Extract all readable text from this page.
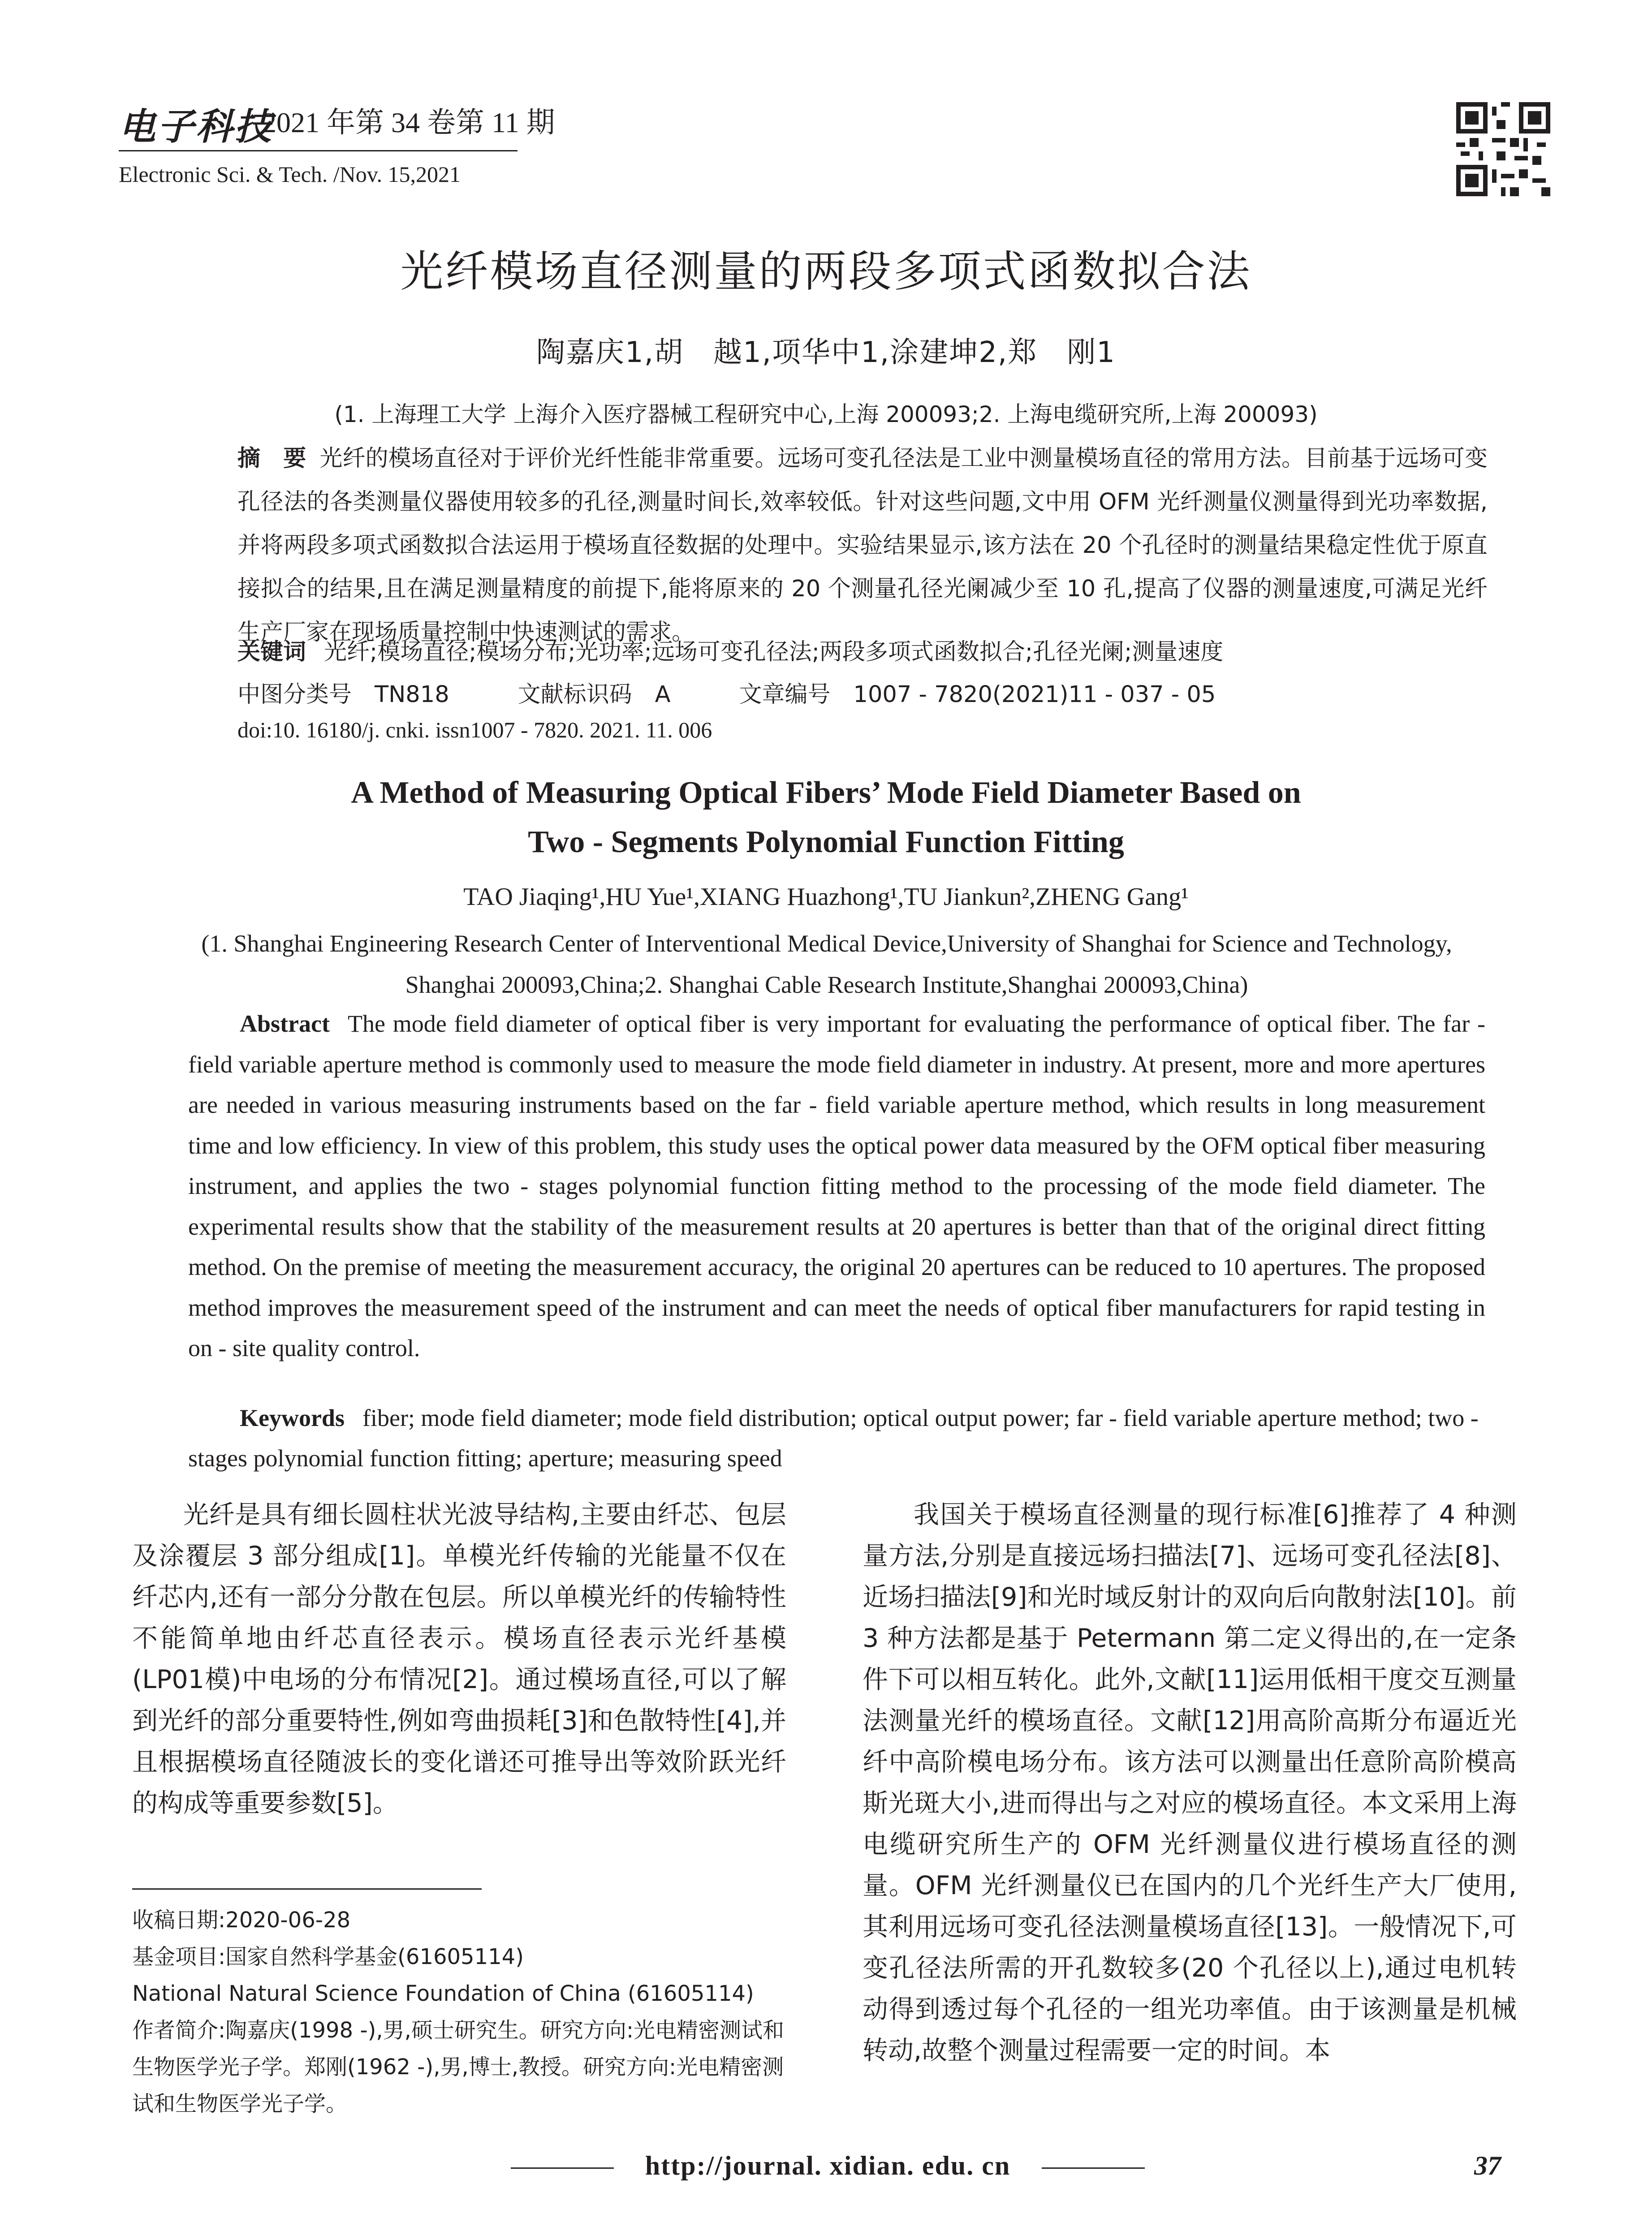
电子科技
2021 年第 34 卷第 11 期
Electronic Sci. & Tech. /Nov. 15,2021
光纤模场直径测量的两段多项式函数拟合法
陶嘉庆1,胡　越1,项华中1,涂建坤2,郑　刚1
(1. 上海理工大学 上海介入医疗器械工程研究中心,上海 200093;2. 上海电缆研究所,上海 200093)
摘　要 光纤的模场直径对于评价光纤性能非常重要。远场可变孔径法是工业中测量模场直径的常用方法。目前基于远场可变孔径法的各类测量仪器使用较多的孔径,测量时间长,效率较低。针对这些问题,文中用 OFM 光纤测量仪测量得到光功率数据,并将两段多项式函数拟合法运用于模场直径数据的处理中。实验结果显示,该方法在 20 个孔径时的测量结果稳定性优于原直接拟合的结果,且在满足测量精度的前提下,能将原来的 20 个测量孔径光阑减少至 10 孔,提高了仪器的测量速度,可满足光纤生产厂家在现场质量控制中快速测试的需求。
关键词 光纤;模场直径;模场分布;光功率;远场可变孔径法;两段多项式函数拟合;孔径光阑;测量速度
中图分类号　TN818　　　文献标识码　A　　　文章编号　1007 - 7820(2021)11 - 037 - 05
doi:10. 16180/j. cnki. issn1007 - 7820. 2021. 11. 006
A Method of Measuring Optical Fibers’ Mode Field Diameter Based on
Two - Segments Polynomial Function Fitting
TAO Jiaqing¹,HU Yue¹,XIANG Huazhong¹,TU Jiankun²,ZHENG Gang¹
(1. Shanghai Engineering Research Center of Interventional Medical Device,University of Shanghai for Science and Technology, Shanghai 200093,China;2. Shanghai Cable Research Institute,Shanghai 200093,China)
Abstract The mode field diameter of optical fiber is very important for evaluating the performance of optical fiber. The far - field variable aperture method is commonly used to measure the mode field diameter in industry. At present, more and more apertures are needed in various measuring instruments based on the far - field variable aperture method, which results in long measurement time and low efficiency. In view of this problem, this study uses the optical power data measured by the OFM optical fiber measuring instrument, and applies the two - stages polynomial function fitting method to the processing of the mode field diameter. The experimental results show that the stability of the measurement results at 20 apertures is better than that of the original direct fitting method. On the premise of meeting the measurement accuracy, the original 20 apertures can be reduced to 10 apertures. The proposed method improves the measurement speed of the instrument and can meet the needs of optical fiber manufacturers for rapid testing in on - site quality control.
Keywords fiber; mode field diameter; mode field distribution; optical output power; far - field variable aperture method; two - stages polynomial function fitting; aperture; measuring speed
光纤是具有细长圆柱状光波导结构,主要由纤芯、包层及涂覆层 3 部分组成[1]。单模光纤传输的光能量不仅在纤芯内,还有一部分分散在包层。所以单模光纤的传输特性不能简单地由纤芯直径表示。模场直径表示光纤基模(LP01模)中电场的分布情况[2]。通过模场直径,可以了解到光纤的部分重要特性,例如弯曲损耗[3]和色散特性[4],并且根据模场直径随波长的变化谱还可推导出等效阶跃光纤的构成等重要参数[5]。
我国关于模场直径测量的现行标准[6]推荐了 4 种测量方法,分别是直接远场扫描法[7]、远场可变孔径法[8]、近场扫描法[9]和光时域反射计的双向后向散射法[10]。前 3 种方法都是基于 Petermann 第二定义得出的,在一定条件下可以相互转化。此外,文献[11]运用低相干度交互测量法测量光纤的模场直径。文献[12]用高阶高斯分布逼近光纤中高阶模电场分布。该方法可以测量出任意阶高阶模高斯光斑大小,进而得出与之对应的模场直径。本文采用上海电缆研究所生产的 OFM 光纤测量仪进行模场直径的测量。OFM 光纤测量仪已在国内的几个光纤生产大厂使用,其利用远场可变孔径法测量模场直径[13]。一般情况下,可变孔径法所需的开孔数较多(20 个孔径以上),通过电机转动得到透过每个孔径的一组光功率值。由于该测量是机械转动,故整个测量过程需要一定的时间。本
收稿日期:2020-06-28
基金项目:国家自然科学基金(61605114)
National Natural Science Foundation of China (61605114)
作者简介:陶嘉庆(1998 -),男,硕士研究生。研究方向:光电精密测试和生物医学光子学。郑刚(1962 -),男,博士,教授。研究方向:光电精密测试和生物医学光子学。
http://journal. xidian. edu. cn	37
